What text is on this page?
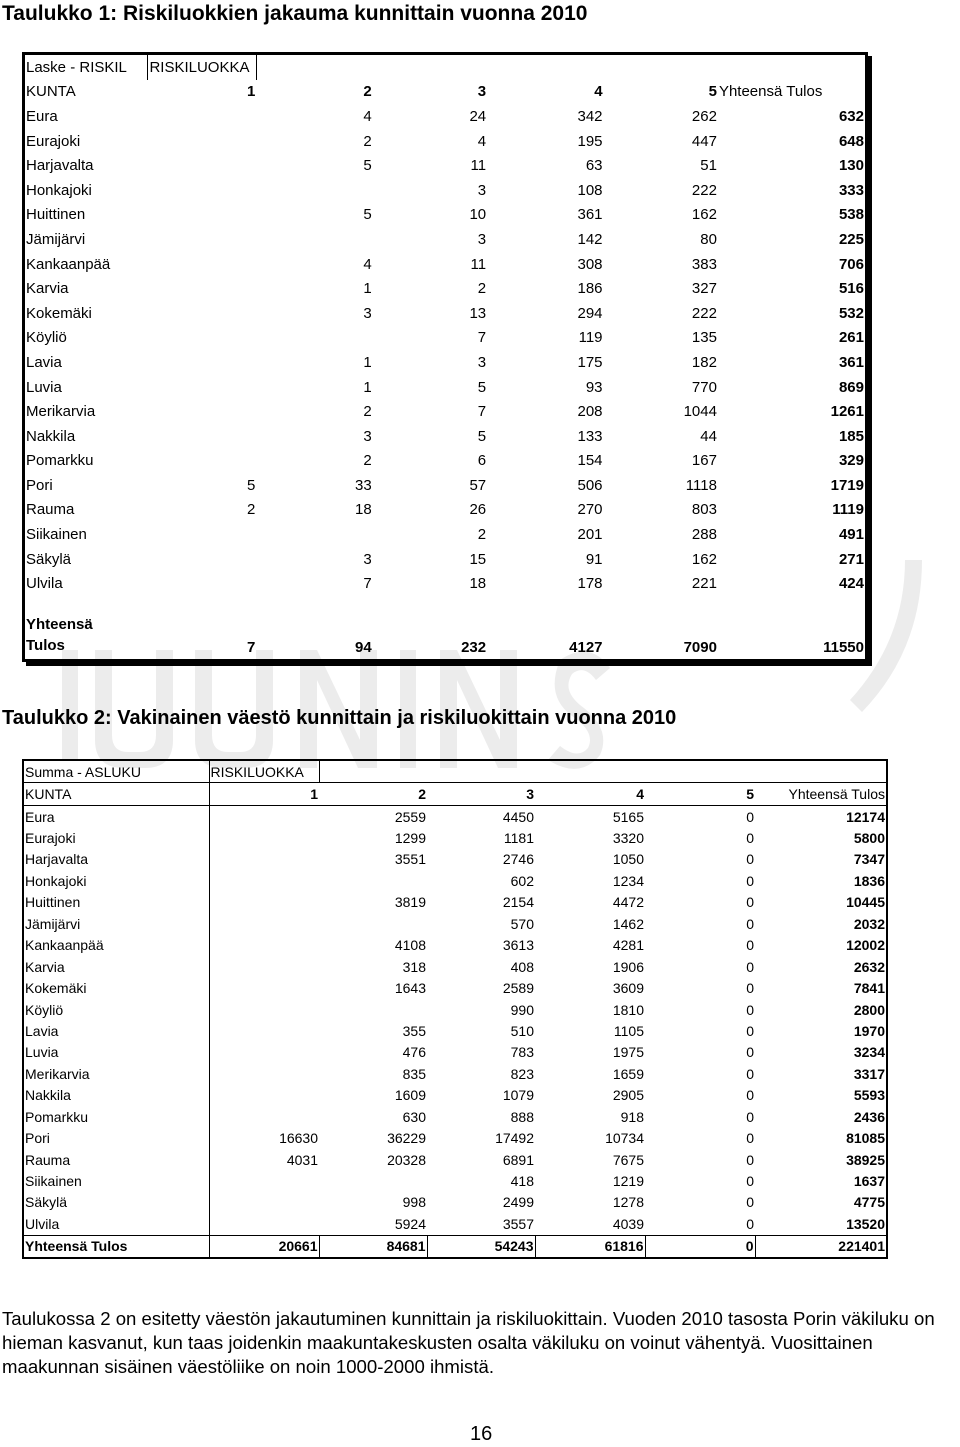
Taulukko 1: Riskiluokkien jakauma kunnittain vuonna 2010
Laske - RISKIL	RISKILUOKKA					
KUNTA	1	2	3	4	5	Yhteensä Tulos
Eura		4	24	342	262	632
Eurajoki		2	4	195	447	648
Harjavalta		5	11	63	51	130
Honkajoki			3	108	222	333
Huittinen		5	10	361	162	538
Jämijärvi			3	142	80	225
Kankaanpää		4	11	308	383	706
Karvia		1	2	186	327	516
Kokemäki		3	13	294	222	532
Köyliö			7	119	135	261
Lavia		1	3	175	182	361
Luvia		1	5	93	770	869
Merikarvia		2	7	208	1044	1261
Nakkila		3	5	133	44	185
Pomarkku		2	6	154	167	329
Pori	5	33	57	506	1118	1719
Rauma	2	18	26	270	803	1119
Siikainen			2	201	288	491
Säkylä		3	15	91	162	271
Ulvila		7	18	178	221	424

Yhteensä
Tulos	7	94	232	4127	7090	11550
Taulukko 2: Vakinainen väestö kunnittain ja riskiluokittain vuonna 2010
Summa - ASLUKU	RISKILUOKKA					
KUNTA	1	2	3	4	5	Yhteensä Tulos
Eura		2559	4450	5165	0	12174
Eurajoki		1299	1181	3320	0	5800
Harjavalta		3551	2746	1050	0	7347
Honkajoki			602	1234	0	1836
Huittinen		3819	2154	4472	0	10445
Jämijärvi			570	1462	0	2032
Kankaanpää		4108	3613	4281	0	12002
Karvia		318	408	1906	0	2632
Kokemäki		1643	2589	3609	0	7841
Köyliö			990	1810	0	2800
Lavia		355	510	1105	0	1970
Luvia		476	783	1975	0	3234
Merikarvia		835	823	1659	0	3317
Nakkila		1609	1079	2905	0	5593
Pomarkku		630	888	918	0	2436
Pori	16630	36229	17492	10734	0	81085
Rauma	4031	20328	6891	7675	0	38925
Siikainen			418	1219	0	1637
Säkylä		998	2499	1278	0	4775
Ulvila		5924	3557	4039	0	13520
Yhteensä Tulos	20661	84681	54243	61816	0	221401
Taulukossa 2 on esitetty väestön jakautuminen kunnittain ja riskiluokittain. Vuoden 2010 tasosta Porin väkiluku on hieman kasvanut, kun taas joidenkin maakuntakeskusten osalta väkiluku on voinut vähentyä. Vuosittainen maakunnan sisäinen väestöliike on noin 1000-2000 ihmistä.
16
